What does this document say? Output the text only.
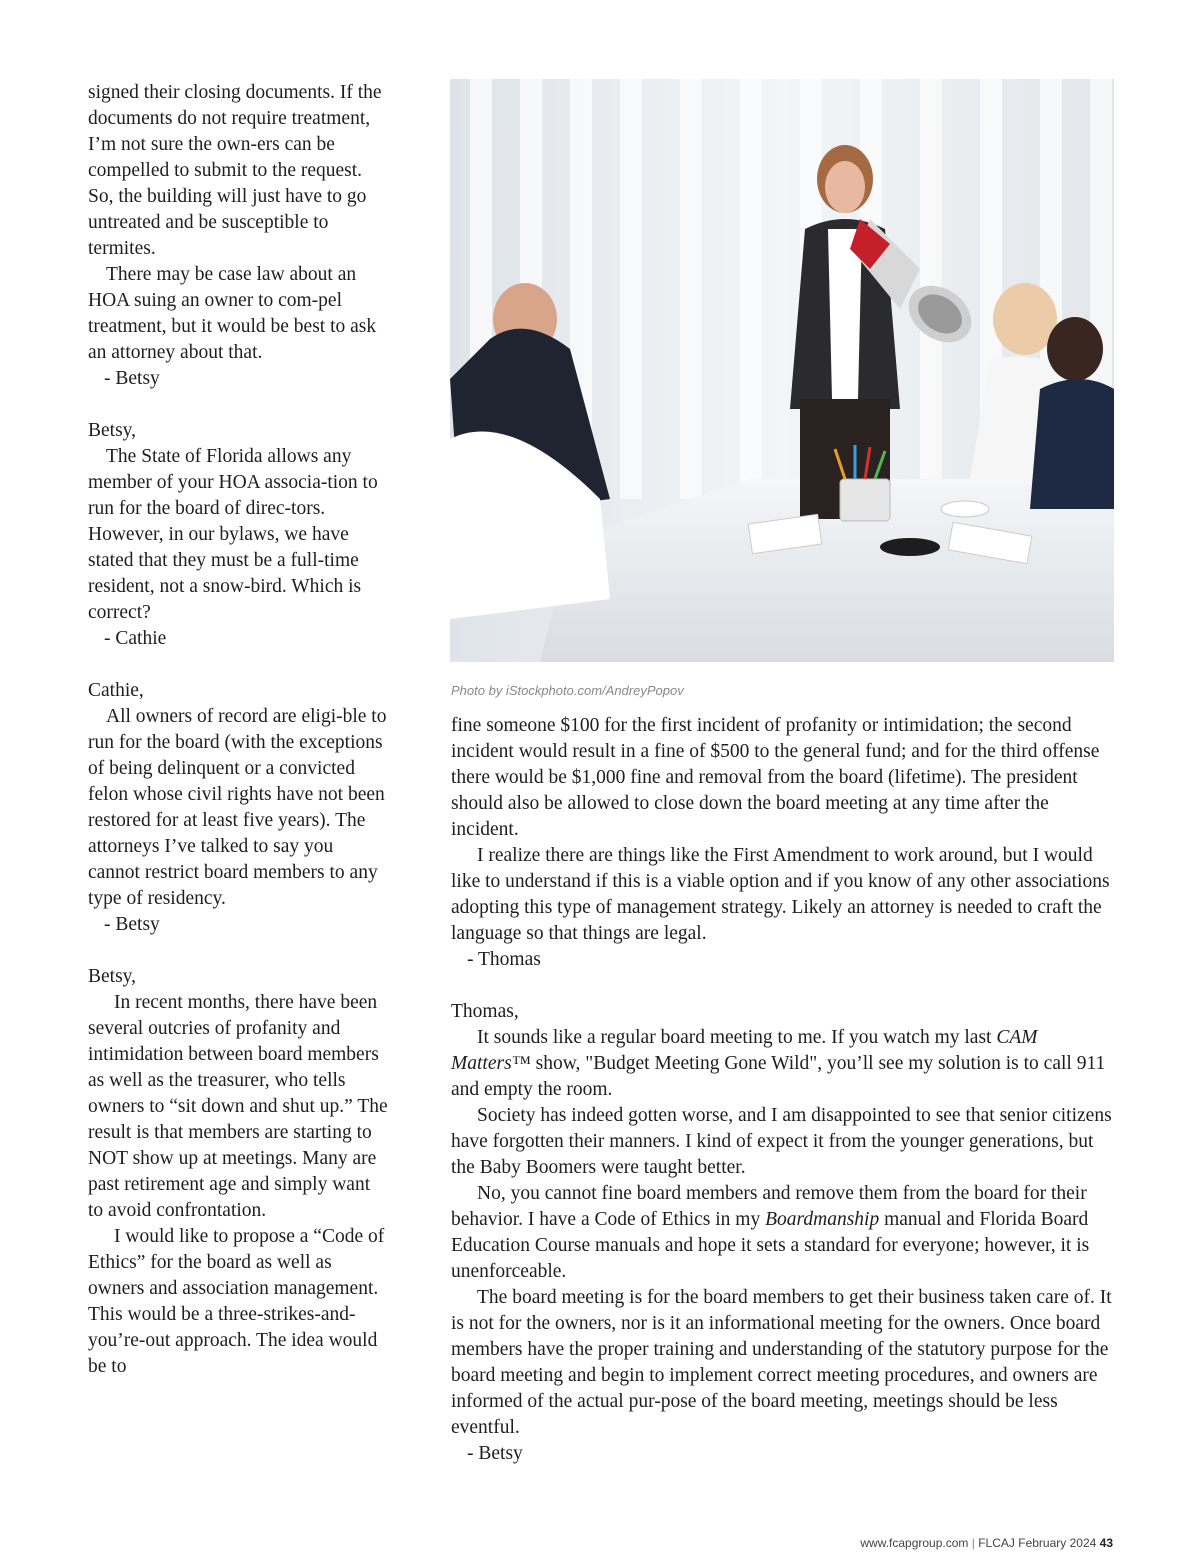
signed their closing documents. If the documents do not require treatment, I’m not sure the own-ers can be compelled to submit to the request. So, the building will just have to go untreated and be susceptible to termites.

There may be case law about an HOA suing an owner to com-pel treatment, but it would be best to ask an attorney about that.

- Betsy

Betsy,

The State of Florida allows any member of your HOA associa-tion to run for the board of direc-tors. However, in our bylaws, we have stated that they must be a full-time resident, not a snow-bird. Which is correct?

- Cathie

Cathie,

All owners of record are eligi-ble to run for the board (with the exceptions of being delinquent or a convicted felon whose civil rights have not been restored for at least five years). The attorneys I’ve talked to say you cannot restrict board members to any type of residency.

- Betsy

Betsy,

In recent months, there have been several outcries of profanity and intimidation between board members as well as the treasurer, who tells owners to “sit down and shut up.” The result is that members are starting to NOT show up at meetings. Many are past retirement age and simply want to avoid confrontation.

I would like to propose a “Code of Ethics” for the board as well as owners and association management. This would be a three-strikes-and-you’re-out approach. The idea would be to

Photo by iStockphoto.com/AndreyPopov

fine someone $100 for the first incident of profanity or intimidation; the second incident would result in a fine of $500 to the general fund; and for the third offense there would be $1,000 fine and removal from the board (lifetime). The president should also be allowed to close down the board meeting at any time after the incident.

I realize there are things like the First Amendment to work around, but I would like to understand if this is a viable option and if you know of any other associations adopting this type of management strategy. Likely an attorney is needed to craft the language so that things are legal.

- Thomas

Thomas,

It sounds like a regular board meeting to me. If you watch my last CAM Matters™ show, "Budget Meeting Gone Wild", you’ll see my solution is to call 911 and empty the room.

Society has indeed gotten worse, and I am disappointed to see that senior citizens have forgotten their manners. I kind of expect it from the younger generations, but the Baby Boomers were taught better.

No, you cannot fine board members and remove them from the board for their behavior. I have a Code of Ethics in my Boardmanship manual and Florida Board Education Course manuals and hope it sets a standard for everyone; however, it is unenforceable.

The board meeting is for the board members to get their business taken care of. It is not for the owners, nor is it an informational meeting for the owners. Once board members have the proper training and understanding of the statutory purpose for the board meeting and begin to implement correct meeting procedures, and owners are informed of the actual pur-pose of the board meeting, meetings should be less eventful.

- Betsy

www.fcapgroup.com | FLCAJ February 2024 43
